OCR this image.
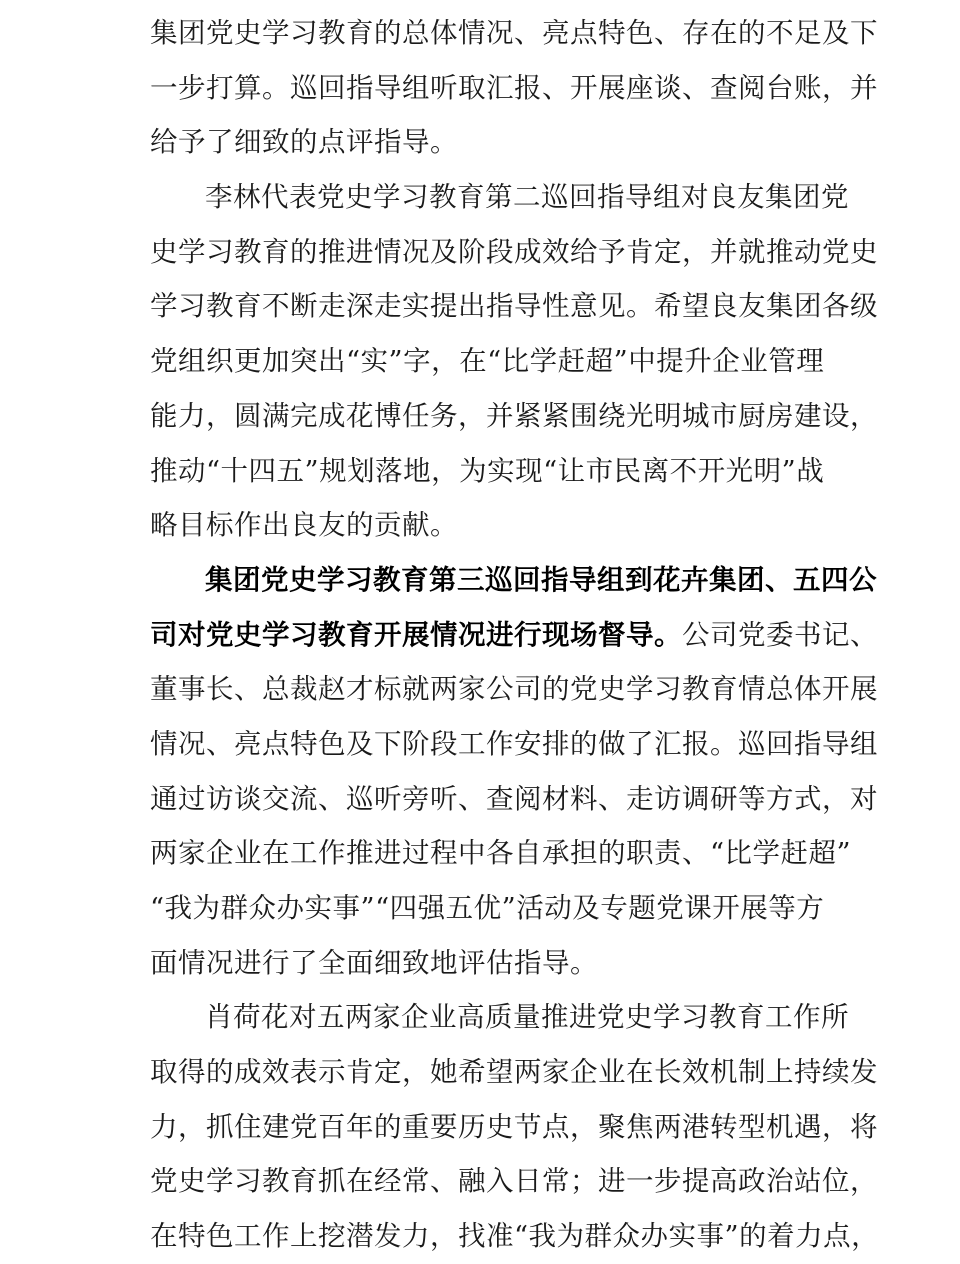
集团党史学习教育的总体情况、亮点特色、存在的不足及下
一步打算。巡回指导组听取汇报、开展座谈、查阅台账，并
给予了细致的点评指导。
李林代表党史学习教育第二巡回指导组对良友集团党
史学习教育的推进情况及阶段成效给予肯定，并就推动党史
学习教育不断走深走实提出指导性意见。希望良友集团各级
党组织更加突出“实”字，在“比学赶超”中提升企业管理
能力，圆满完成花博任务，并紧紧围绕光明城市厨房建设，
推动“十四五”规划落地，为实现“让市民离不开光明”战
略目标作出良友的贡献。
集团党史学习教育第三巡回指导组到花卉集团、五四公
司对党史学习教育开展情况进行现场督导。公司党委书记、
董事长、总裁赵才标就两家公司的党史学习教育情总体开展
情况、亮点特色及下阶段工作安排的做了汇报。巡回指导组
通过访谈交流、巡听旁听、查阅材料、走访调研等方式，对
两家企业在工作推进过程中各自承担的职责、“比学赶超”
“我为群众办实事”“四强五优”活动及专题党课开展等方
面情况进行了全面细致地评估指导。
肖荷花对五两家企业高质量推进党史学习教育工作所
取得的成效表示肯定，她希望两家企业在长效机制上持续发
力，抓住建党百年的重要历史节点，聚焦两港转型机遇，将
党史学习教育抓在经常、融入日常；进一步提高政治站位，
在特色工作上挖潜发力，找准“我为群众办实事”的着力点，
